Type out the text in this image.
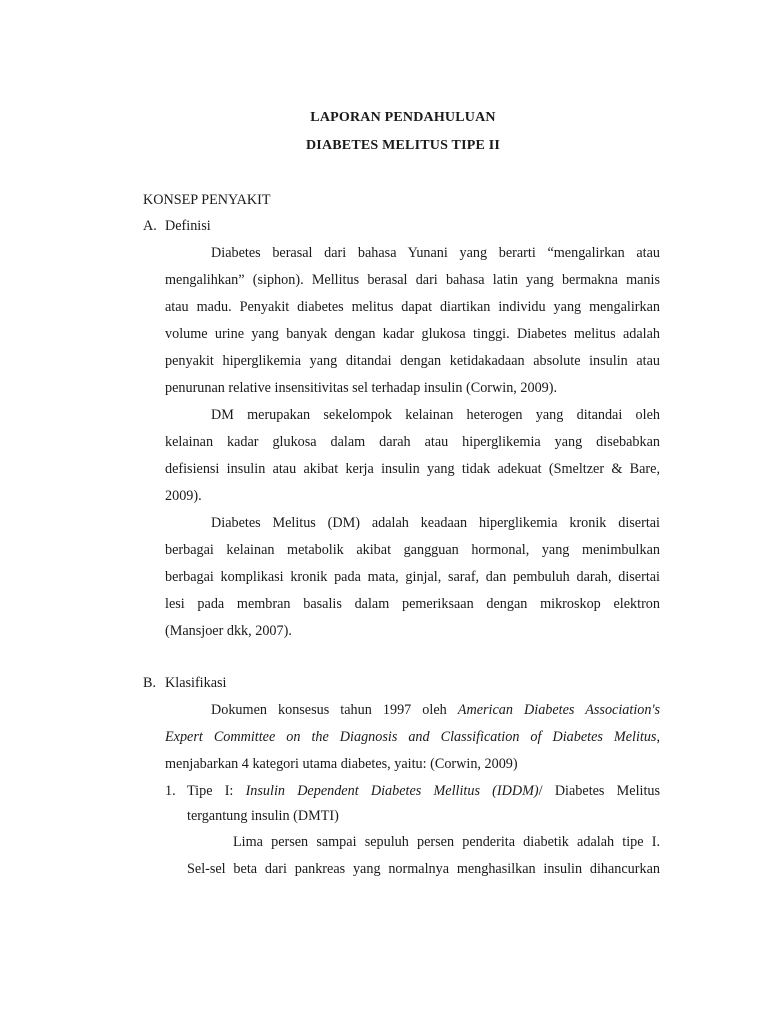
LAPORAN PENDAHULUAN
DIABETES MELITUS TIPE II
KONSEP PENYAKIT
A. Definisi
Diabetes berasal dari bahasa Yunani yang berarti “mengalirkan atau
mengalihkan” (siphon). Mellitus berasal dari bahasa latin yang bermakna manis
atau madu. Penyakit diabetes melitus dapat diartikan individu yang mengalirkan
volume urine yang banyak dengan kadar glukosa tinggi. Diabetes melitus adalah
penyakit hiperglikemia yang ditandai dengan ketidakadaan absolute insulin atau
penurunan relative insensitivitas sel terhadap insulin (Corwin, 2009).
DM merupakan sekelompok kelainan heterogen yang ditandai oleh
kelainan kadar glukosa dalam darah atau hiperglikemia yang disebabkan
defisiensi insulin atau akibat kerja insulin yang tidak adekuat (Smeltzer & Bare,
2009).
Diabetes Melitus (DM) adalah keadaan hiperglikemia kronik disertai
berbagai kelainan metabolik akibat gangguan hormonal, yang menimbulkan
berbagai komplikasi kronik pada mata, ginjal, saraf, dan pembuluh darah, disertai
lesi pada membran basalis dalam pemeriksaan dengan mikroskop elektron
(Mansjoer dkk, 2007).
B. Klasifikasi
Dokumen konsesus tahun 1997 oleh American Diabetes Association's
Expert Committee on the Diagnosis and Classification of Diabetes Melitus,
menjabarkan 4 kategori utama diabetes, yaitu: (Corwin, 2009)
1. Tipe I: Insulin Dependent Diabetes Mellitus (IDDM)/ Diabetes Melitus
tergantung insulin (DMTI)
Lima persen sampai sepuluh persen penderita diabetik adalah tipe I.
Sel-sel beta dari pankreas yang normalnya menghasilkan insulin dihancurkan
